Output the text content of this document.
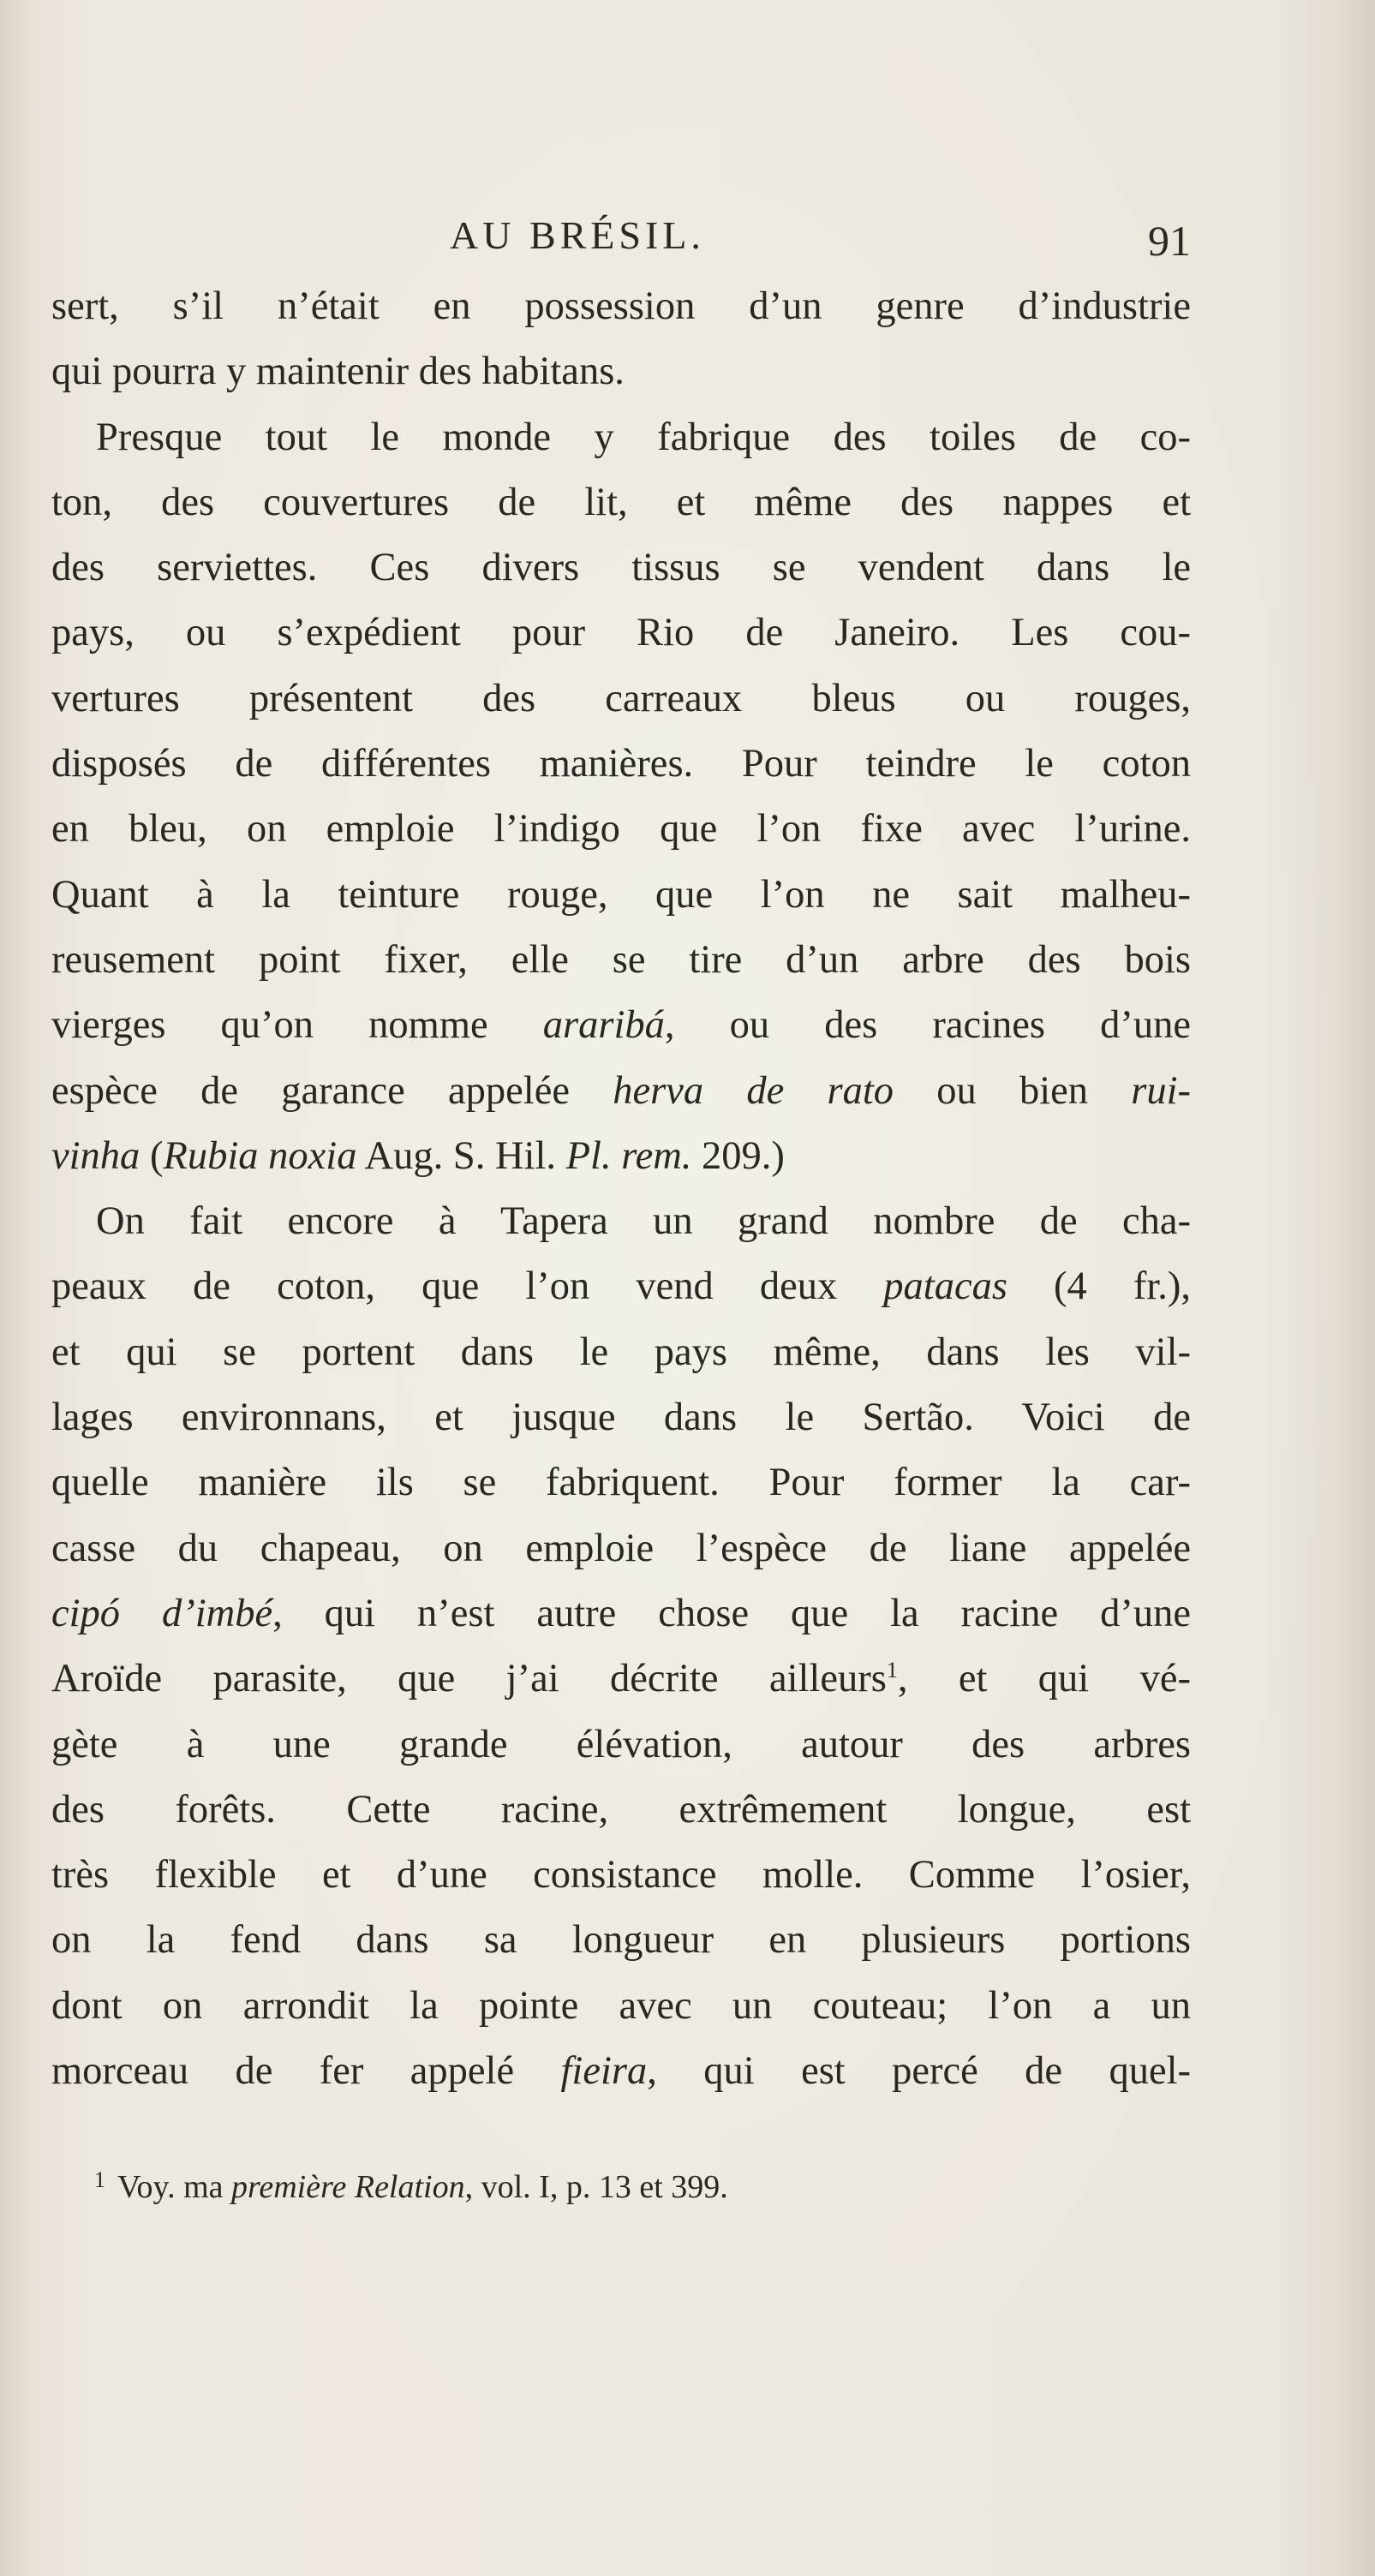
AU BRÉSIL.	91
sert, s’il n’était en possession d’un genre d’industrie
qui pourra y maintenir des habitans.
Presque tout le monde y fabrique des toiles de co-
ton, des couvertures de lit, et même des nappes et
des serviettes. Ces divers tissus se vendent dans le
pays, ou s’expédient pour Rio de Janeiro. Les cou-
vertures présentent des carreaux bleus ou rouges,
disposés de différentes manières. Pour teindre le coton
en bleu, on emploie l’indigo que l’on fixe avec l’urine.
Quant à la teinture rouge, que l’on ne sait malheu-
reusement point fixer, elle se tire d’un arbre des bois
vierges qu’on nomme araribá, ou des racines d’une
espèce de garance appelée herva de rato ou bien rui-
vinha (Rubia noxia Aug. S. Hil. Pl. rem. 209.)
On fait encore à Tapera un grand nombre de cha-
peaux de coton, que l’on vend deux patacas (4 fr.),
et qui se portent dans le pays même, dans les vil-
lages environnans, et jusque dans le Sertão. Voici de
quelle manière ils se fabriquent. Pour former la car-
casse du chapeau, on emploie l’espèce de liane appelée
cipó d’imbé, qui n’est autre chose que la racine d’une
Aroïde parasite, que j’ai décrite ailleurs$^1$, et qui vé-
gète à une grande élévation, autour des arbres
des forêts. Cette racine, extrêmement longue, est
très flexible et d’une consistance molle. Comme l’osier,
on la fend dans sa longueur en plusieurs portions
dont on arrondit la pointe avec un couteau; l’on a un
morceau de fer appelé fieira, qui est percé de quel-
$^1$ Voy. ma première Relation, vol. I, p. 13 et 399.
